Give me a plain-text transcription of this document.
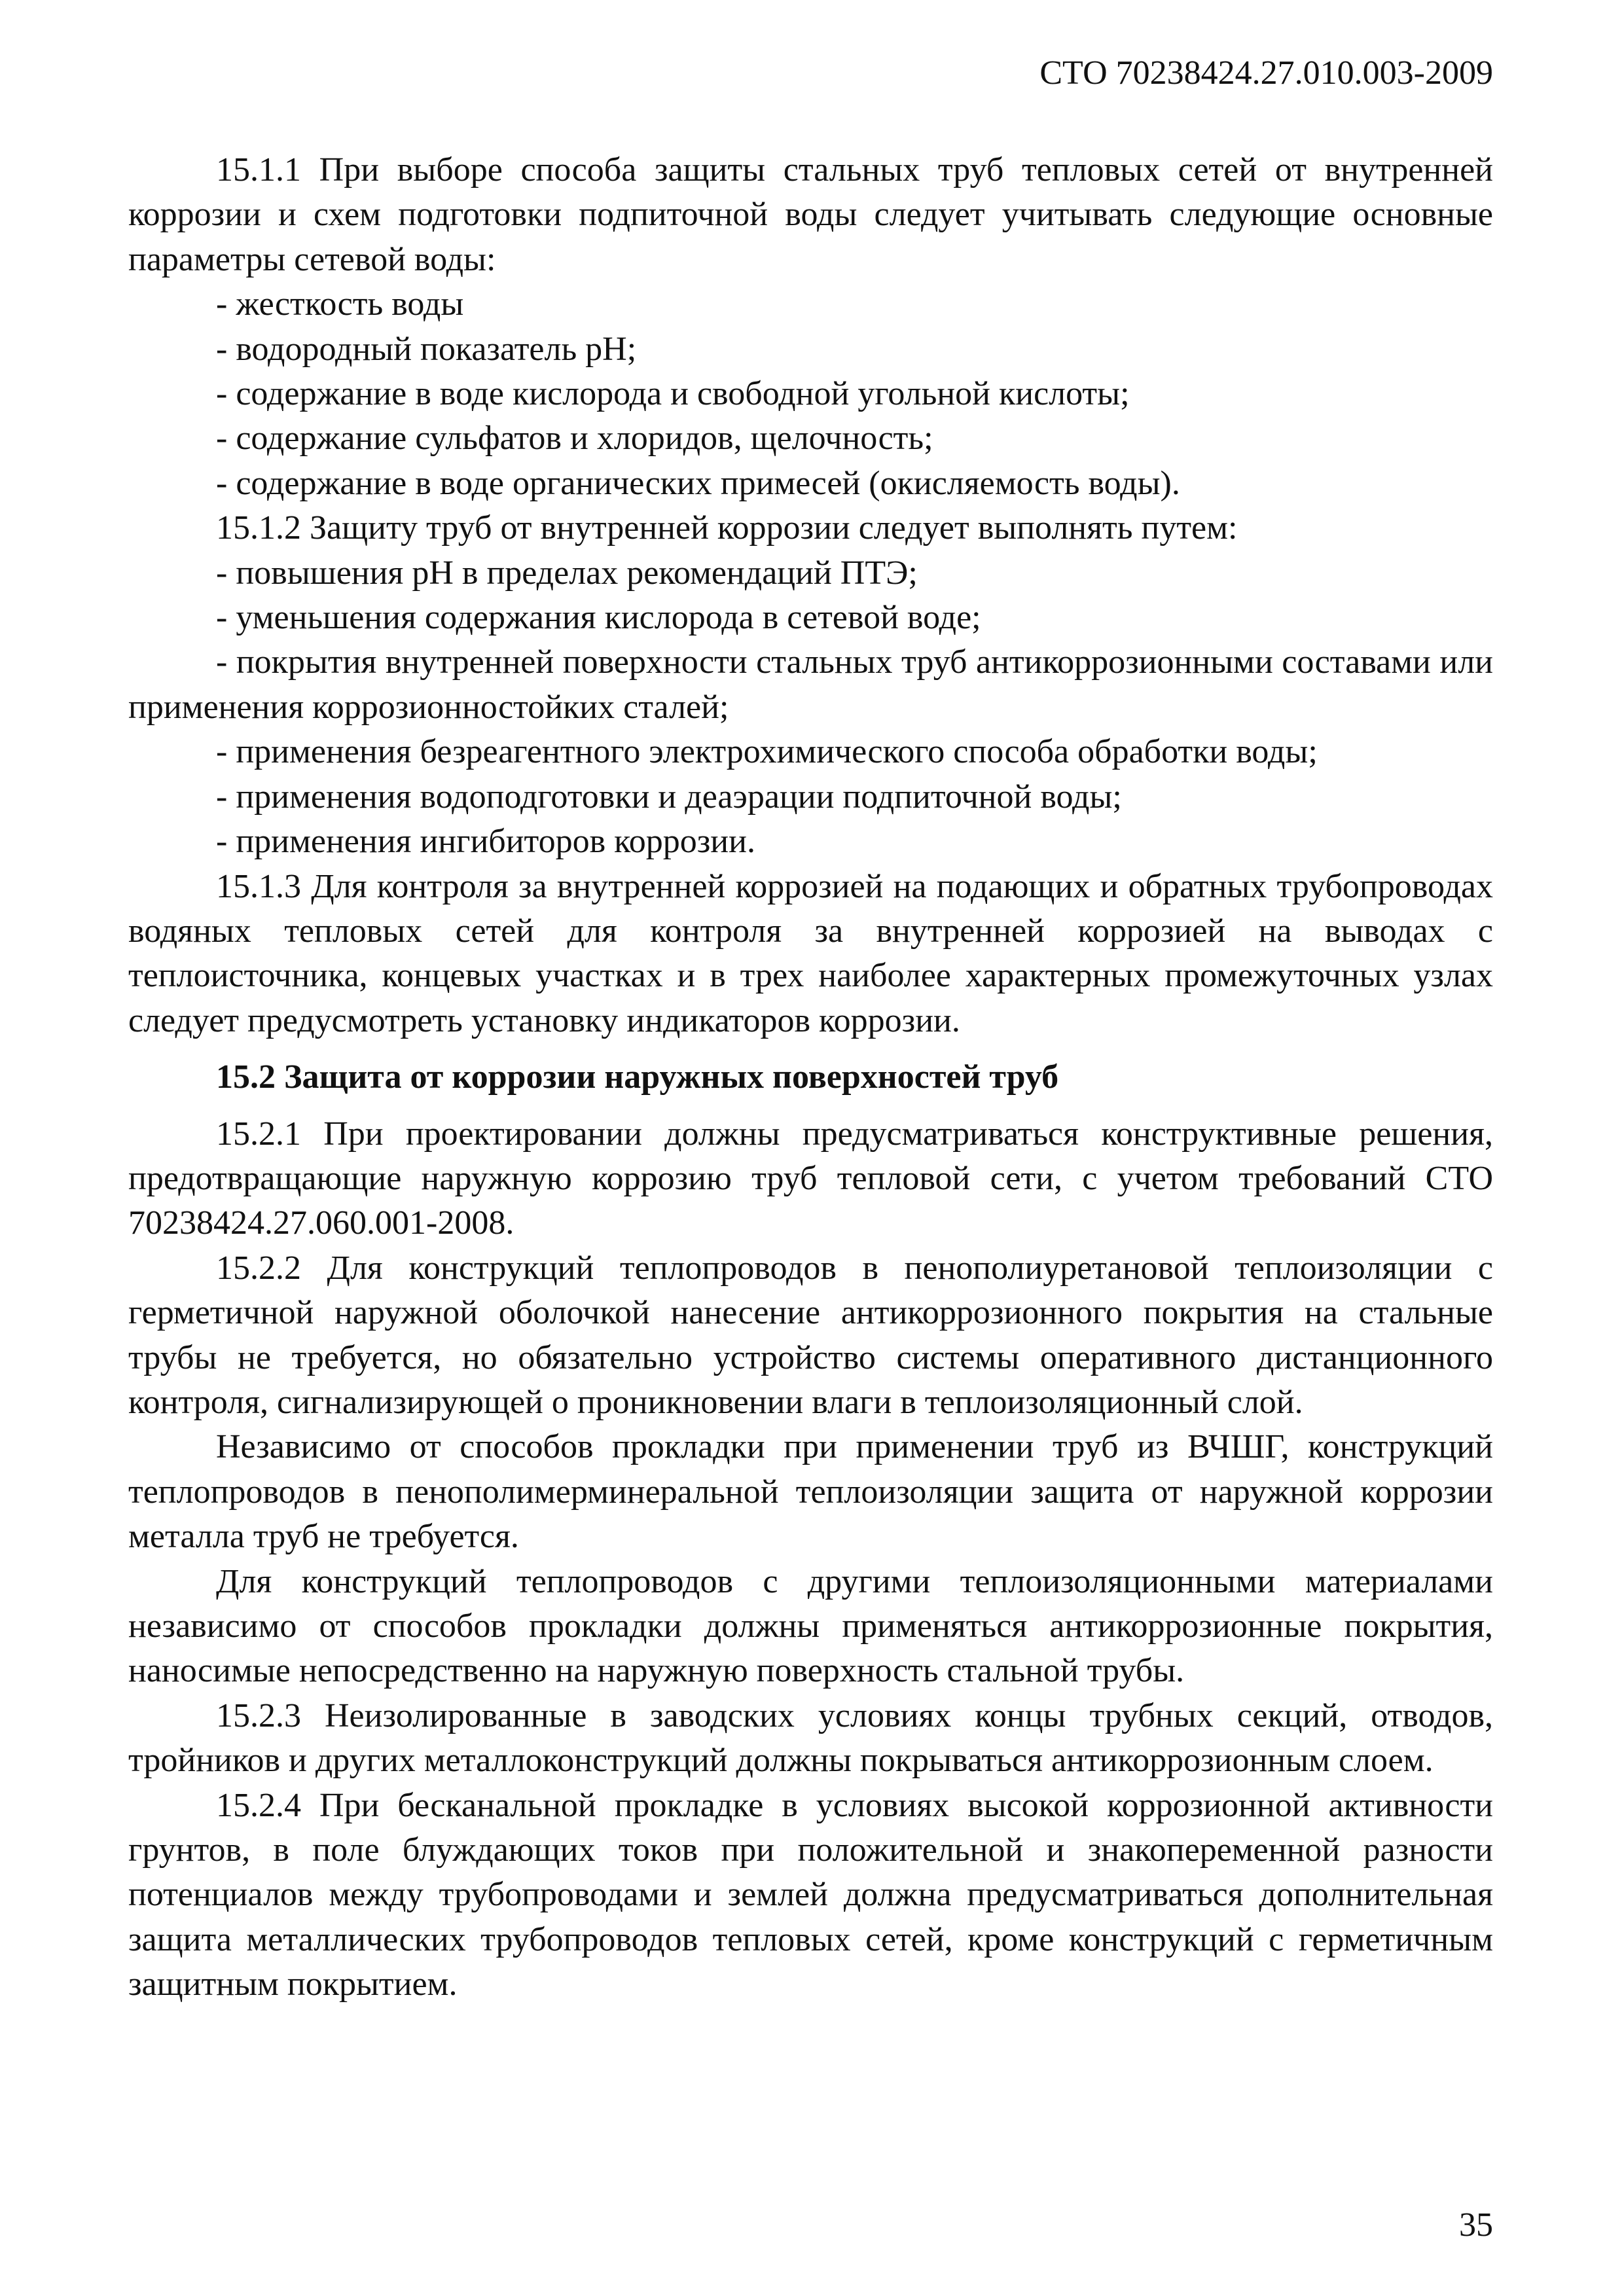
СТО 70238424.27.010.003-2009

15.1.1 При выборе способа защиты стальных труб тепловых сетей от внутренней коррозии и схем подготовки подпиточной воды следует учитывать следующие основные параметры сетевой воды:

- жесткость воды

- водородный показатель pH;

- содержание в воде кислорода и свободной угольной кислоты;

- содержание сульфатов и хлоридов, щелочность;

- содержание в воде органических примесей (окисляемость воды).

15.1.2 Защиту труб от внутренней коррозии следует выполнять путем:

- повышения pH в пределах рекомендаций ПТЭ;

- уменьшения содержания кислорода в сетевой воде;

- покрытия внутренней поверхности стальных труб антикоррозионными составами или применения коррозионностойких сталей;

- применения безреагентного электрохимического способа обработки воды;

- применения водоподготовки и деаэрации подпиточной воды;

- применения ингибиторов коррозии.

15.1.3 Для контроля за внутренней коррозией на подающих и обратных трубопроводах водяных тепловых сетей для контроля за внутренней коррозией на выводах с теплоисточника, концевых участках и в трех наиболее характерных промежуточных узлах следует предусмотреть установку индикаторов коррозии.

15.2 Защита от коррозии наружных поверхностей труб

15.2.1 При проектировании должны предусматриваться конструктивные решения, предотвращающие наружную коррозию труб тепловой сети, с учетом требований СТО 70238424.27.060.001-2008.

15.2.2 Для конструкций теплопроводов в пенополиуретановой теплоизоляции с герметичной наружной оболочкой нанесение антикоррозионного покрытия на стальные трубы не требуется, но обязательно устройство системы оперативного дистанционного контроля, сигнализирующей о проникновении влаги в теплоизоляционный слой.

Независимо от способов прокладки при применении труб из ВЧШГ, конструкций теплопроводов в пенополимерминеральной теплоизоляции защита от наружной коррозии металла труб не требуется.

Для конструкций теплопроводов с другими теплоизоляционными материалами независимо от способов прокладки должны применяться антикоррозионные покрытия, наносимые непосредственно на наружную поверхность стальной трубы.

15.2.3 Неизолированные в заводских условиях концы трубных секций, отводов, тройников и других металлоконструкций должны покрываться антикоррозионным слоем.

15.2.4 При бесканальной прокладке в условиях высокой коррозионной активности грунтов, в поле блуждающих токов при положительной и знакопеременной разности потенциалов между трубопроводами и землей должна предусматриваться дополнительная защита металлических трубопроводов тепловых сетей, кроме конструкций с герметичным защитным покрытием.

35
